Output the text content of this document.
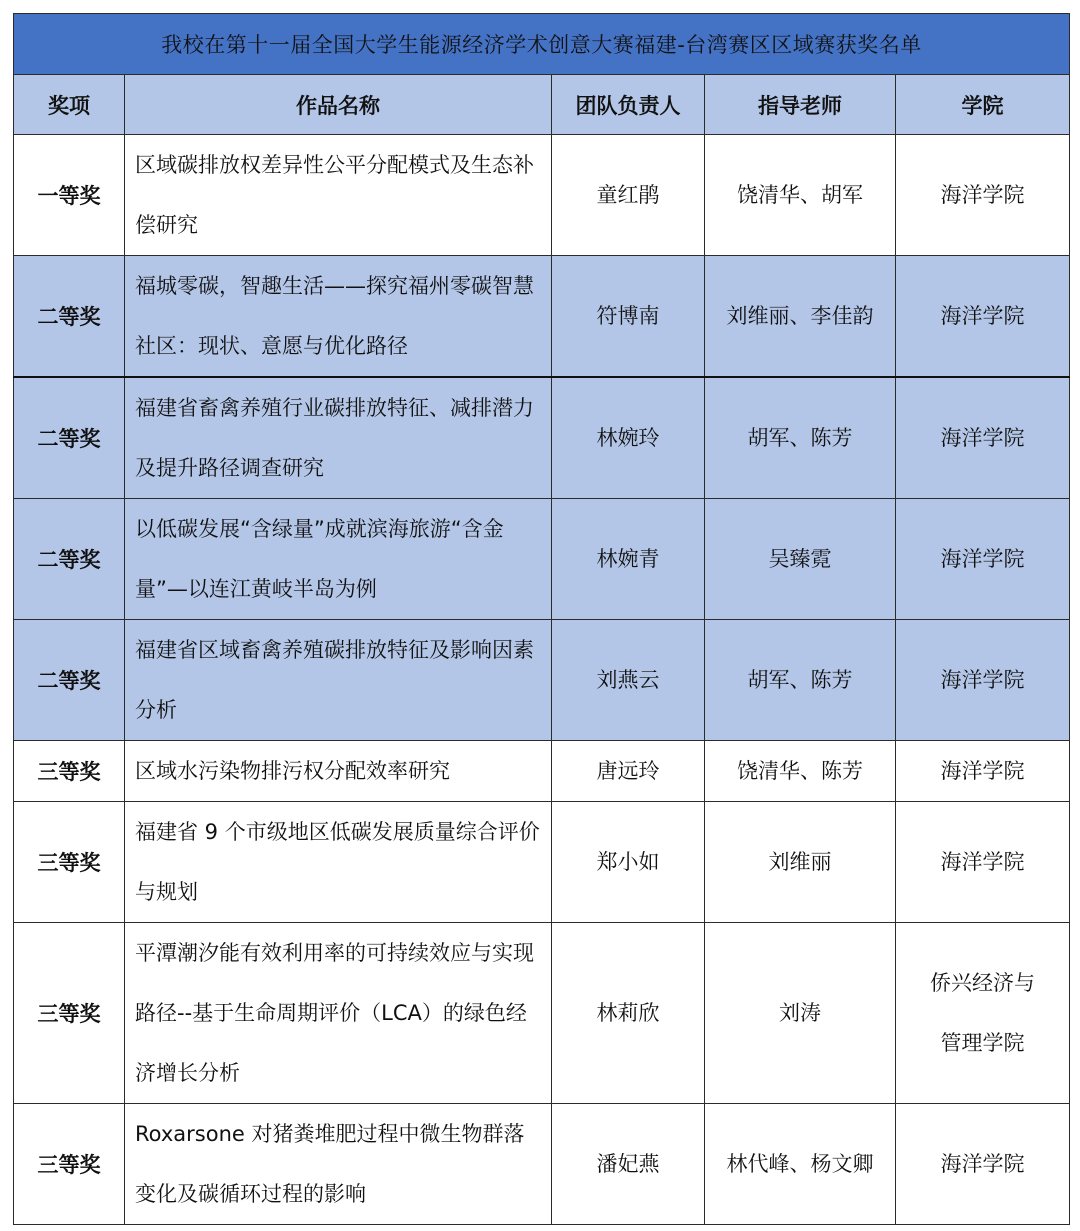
我校在第十一届全国大学生能源经济学术创意大赛福建-台湾赛区区域赛获奖名单				
奖项	作品名称	团队负责人	指导老师	学院
一等奖	区域碳排放权差异性公平分配模式及生态补偿研究	童红鹃	饶清华、胡军	海洋学院
二等奖	福城零碳，智趣生活——探究福州零碳智慧社区：现状、意愿与优化路径	符博南	刘维丽、李佳韵	海洋学院
二等奖	福建省畜禽养殖行业碳排放特征、减排潜力及提升路径调查研究	林婉玲	胡军、陈芳	海洋学院
二等奖	以低碳发展“含绿量”成就滨海旅游“含金量”—以连江黄岐半岛为例	林婉青	吴臻霓	海洋学院
二等奖	福建省区域畜禽养殖碳排放特征及影响因素分析	刘燕云	胡军、陈芳	海洋学院
三等奖	区域水污染物排污权分配效率研究	唐远玲	饶清华、陈芳	海洋学院
三等奖	福建省 9 个市级地区低碳发展质量综合评价与规划	郑小如	刘维丽	海洋学院
三等奖	平潭潮汐能有效利用率的可持续效应与实现路径--基于生命周期评价（LCA）的绿色经济增长分析	林莉欣	刘涛	侨兴经济与管理学院
三等奖	Roxarsone 对猪粪堆肥过程中微生物群落变化及碳循环过程的影响	潘妃燕	林代峰、杨文卿	海洋学院
